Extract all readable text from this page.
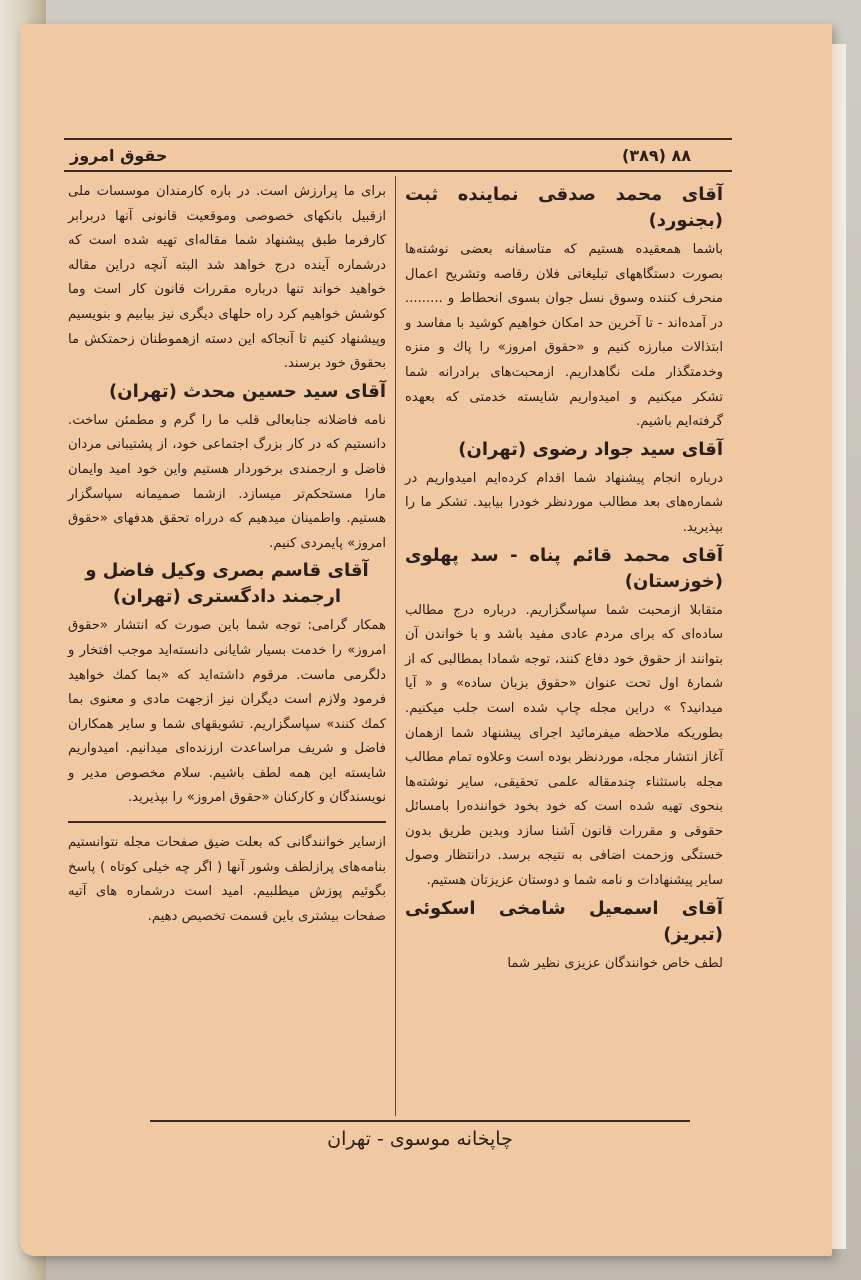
۸۸ (۳۸۹)
حقوق امروز
آقای محمد صدقی نماینده ثبت (بجنورد)

باشما همعقیده هستیم که متاسفانه بعضی نوشته‌ها بصورت دستگاههای تبلیغاتی فلان رقاصه وتشریح اعمال منحرف کننده وسوق نسل جوان بسوی انحطاط و ......... در آمده‌اند - تا آخرین حد امکان خواهیم کوشید با مفاسد و ابتذالات مبارزه کنیم و «حقوق امروز» را پاك و منزه وخدمتگذار ملت نگاهداریم. ازمحبت‌های برادرانه شما تشکر میکنیم و امیدواریم شایسته خدمتی که بعهده گرفته‌ایم باشیم.

آقای سید جواد رضوی (تهران)

درباره انجام پیشنهاد شما اقدام کرده‌ایم امیدواریم در شماره‌های بعد مطالب موردنظر خودرا بیابید. تشکر ما را بپذیرید.

آقای محمد قائم پناه - سد پهلوی (خوزستان)

متقابلا ازمحبت شما سپاسگزاریم. درباره درج مطالب ساده‌ای که برای مردم عادی مفید باشد و با خواندن آن بتوانند از حقوق خود دفاع کنند، توجه شمادا بمطالبی که از شمارهٔ اول تحت عنوان «حقوق بزبان ساده» و « آیا میدانید؟ » دراین مجله چاپ شده است جلب میکنیم. بطوریکه ملاحظه میفرمائید اجرای پیشنهاد شما ازهمان آغاز انتشار مجله، موردنظر بوده است وعلاوه تمام مطالب مجله باستثناء چندمقاله علمی تحقیقی، سایر نوشته‌ها بنحوی تهیه شده است که خود بخود خواننده‌را بامسائل حقوقی و مقررات قانون آشنا سازد وبدین طریق بدون خستگی وزحمت اضافی به نتیجه برسد. درانتظار وصول سایر پیشنهادات و نامه شما و دوستان عزیزتان هستیم.

آقای اسمعیل شامخی اسکوئی (تبریز)

لطف خاص خوانندگان عزیزی نظیر شما

برای ما پرارزش است. در باره کارمندان موسسات ملی ازقبیل بانکهای خصوصی وموقعیت قانونی آنها دربرابر کارفرما طبق پیشنهاد شما مقاله‌ای تهیه شده است که درشماره آینده درج خواهد شد البته آنچه دراین مقاله خواهید خواند تنها درباره مقررات قانون کار است وما کوشش خواهیم کرد راه حلهای دیگری نیز بیابیم و بنویسیم وپیشنهاد کنیم تا آنجاکه این دسته ازهموطنان زحمتکش ما بحقوق خود برسند.

آقای سید حسین محدث (تهران)

نامه فاضلانه جنابعالی قلب ما را گرم و مطمئن ساخت. دانستیم که در کار بزرگ اجتماعی خود، از پشتیبانی مردان فاضل و ارجمندی برخوردار هستیم واین خود امید وایمان مارا مستحکم‌تر میسازد. ازشما صمیمانه سپاسگزار هستیم. واطمینان میدهیم که درراه تحقق هدفهای «حقوق امروز» پایمردی کنیم.

آقای قاسم بصری وکیل فاضل و ارجمند دادگستری (تهران)

همکار گرامی: توجه شما باین صورت که انتشار «حقوق امروز» را خدمت بسیار شایانی دانسته‌اید موجب افتخار و دلگرمی ماست. مرقوم داشته‌اید که «بما كمك خواهید فرمود ولازم است دیگران نیز ازجهت مادی و معنوی بما كمك کنند» سپاسگزاریم. تشویقهای شما و سایر همکاران فاضل و شریف مراساعدت ارزنده‌ای میدانیم. امیدواریم شایسته این همه لطف باشیم. سلام مخصوص مدیر و نویسندگان و کارکنان «حقوق امروز» را بپذیرید.

ازسایر خوانندگانی که بعلت ضیق صفحات مجله نتوانستیم بنامه‌های پرازلطف وشور آنها ( اگر چه خیلی کوتاه ) پاسخ بگوئیم پوزش میطلبیم. امید است درشماره های آتیه صفحات بیشتری باین قسمت تخصیص دهیم.

چاپخانه موسوی - تهران
